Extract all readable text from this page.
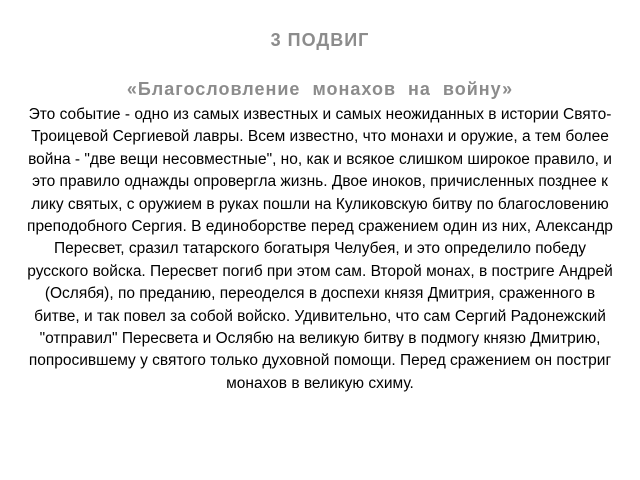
3 ПОДВИГ
«Благословление монахов на войну»

Это событие - одно из самых известных и самых неожиданных в истории Свято-Троицевой Сергиевой лавры. Всем известно, что монахи и оружие, а тем более война - "две вещи несовместные", но, как и всякое слишком широкое правило, и это правило однажды опровергла жизнь. Двое иноков, причисленных позднее к лику святых, с оружием в руках пошли на Куликовскую битву по благословению преподобного Сергия. В единоборстве перед сражением один из них, Александр Пересвет, сразил татарского богатыря Челубея, и это определило победу русского войска. Пересвет погиб при этом сам. Второй монах, в постриге Андрей (Ослябя), по преданию, переоделся в доспехи князя Дмитрия, сраженного в битве, и так повел за собой войско. Удивительно, что сам Сергий Радонежский "отправил" Пересвета и Ослябю на великую битву в подмогу князю Дмитрию, попросившему у святого только духовной помощи. Перед сражением он постриг монахов в великую схиму.
